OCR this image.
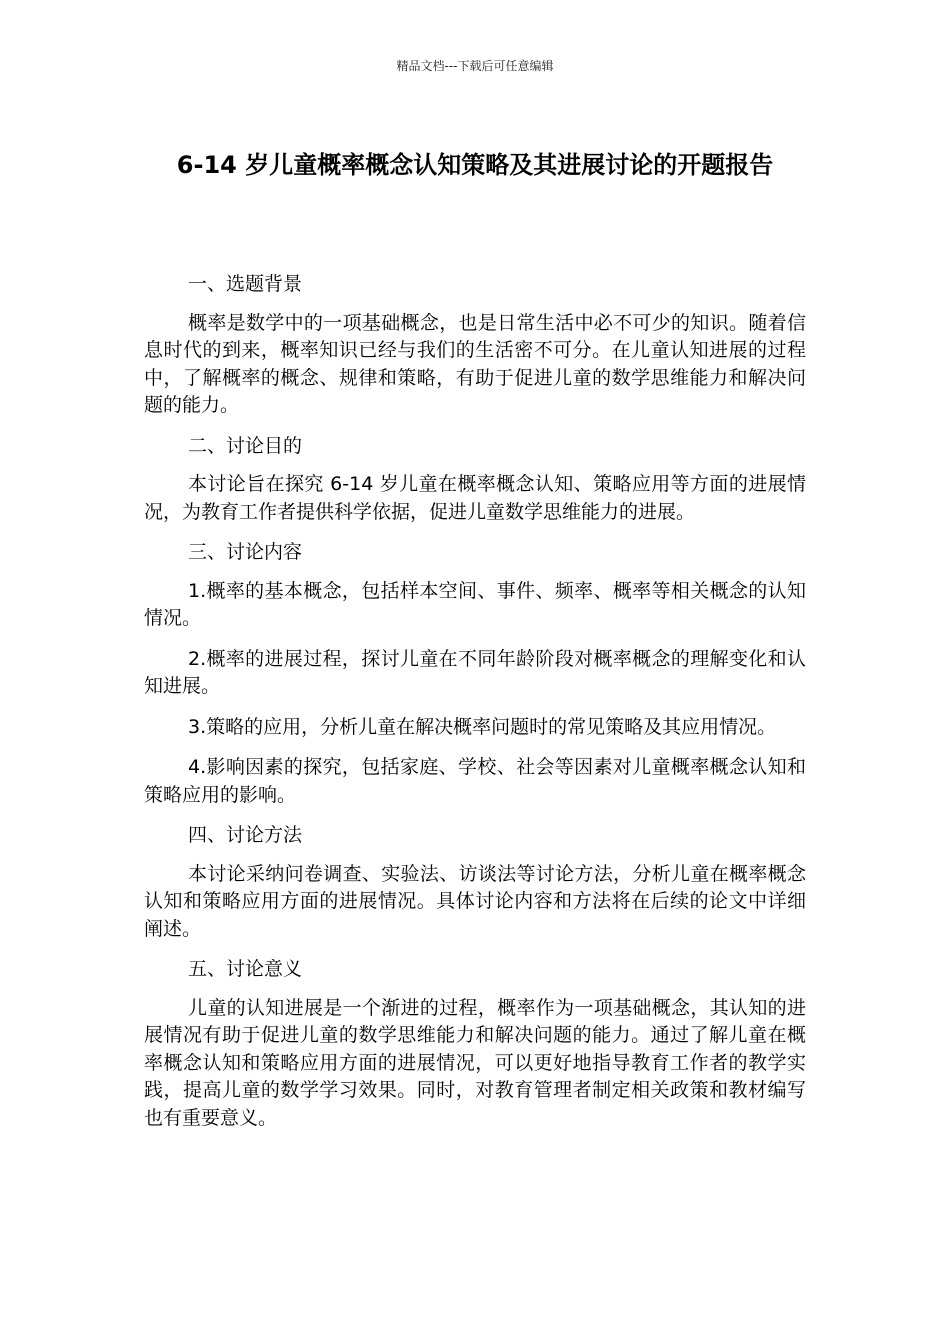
精品文档---下载后可任意编辑
6-14 岁儿童概率概念认知策略及其进展讨论的开题报告

一、选题背景

概率是数学中的一项基础概念，也是日常生活中必不可少的知识。随着信息时代的到来，概率知识已经与我们的生活密不可分。在儿童认知进展的过程中，了解概率的概念、规律和策略，有助于促进儿童的数学思维能力和解决问题的能力。

二、讨论目的

本讨论旨在探究 6-14 岁儿童在概率概念认知、策略应用等方面的进展情况，为教育工作者提供科学依据，促进儿童数学思维能力的进展。

三、讨论内容

1.概率的基本概念，包括样本空间、事件、频率、概率等相关概念的认知情况。

2.概率的进展过程，探讨儿童在不同年龄阶段对概率概念的理解变化和认知进展。

3.策略的应用，分析儿童在解决概率问题时的常见策略及其应用情况。

4.影响因素的探究，包括家庭、学校、社会等因素对儿童概率概念认知和策略应用的影响。

四、讨论方法

本讨论采纳问卷调查、实验法、访谈法等讨论方法，分析儿童在概率概念认知和策略应用方面的进展情况。具体讨论内容和方法将在后续的论文中详细阐述。

五、讨论意义

儿童的认知进展是一个渐进的过程，概率作为一项基础概念，其认知的进展情况有助于促进儿童的数学思维能力和解决问题的能力。通过了解儿童在概率概念认知和策略应用方面的进展情况，可以更好地指导教育工作者的教学实践，提高儿童的数学学习效果。同时，对教育管理者制定相关政策和教材编写也有重要意义。
